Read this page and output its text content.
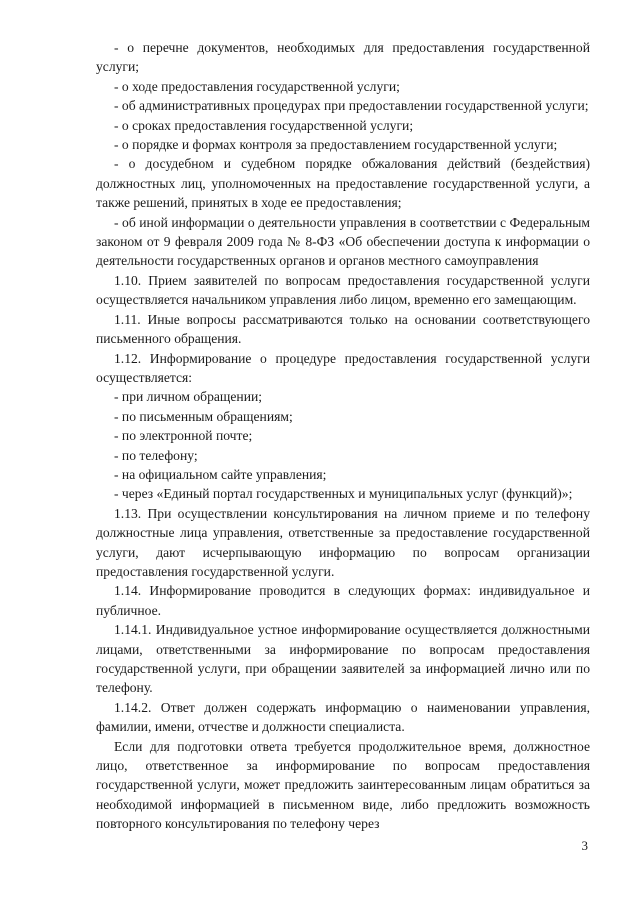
- о перечне документов, необходимых для предоставления государственной услуги;

- о ходе предоставления государственной услуги;

- об административных процедурах при предоставлении государственной услуги;

- о сроках предоставления государственной услуги;

- о порядке и формах контроля за предоставлением государственной услуги;

- о досудебном и судебном порядке обжалования действий (бездействия) должностных лиц, уполномоченных на предоставление государственной услуги, а также решений, принятых в ходе ее предоставления;

- об иной информации о деятельности управления в соответствии с Федеральным законом от 9 февраля 2009 года № 8-ФЗ «Об обеспечении доступа к информации о деятельности государственных органов и органов местного самоуправления

1.10. Прием заявителей по вопросам предоставления государственной услуги осуществляется начальником управления либо лицом, временно его замещающим.

1.11. Иные вопросы рассматриваются только на основании соответствующего письменного обращения.

1.12. Информирование о процедуре предоставления государственной услуги осуществляется:

- при личном обращении;

- по письменным обращениям;

- по электронной почте;

- по телефону;

- на официальном сайте управления;

- через «Единый портал государственных и муниципальных услуг (функций)»;

1.13. При осуществлении консультирования на личном приеме и по телефону должностные лица управления, ответственные за предоставление государственной услуги, дают исчерпывающую информацию по вопросам организации предоставления государственной услуги.

1.14. Информирование проводится в следующих формах: индивидуальное и публичное.

1.14.1. Индивидуальное устное информирование осуществляется должностными лицами, ответственными за информирование по вопросам предоставления государственной услуги, при обращении заявителей за информацией лично или по телефону.

1.14.2. Ответ должен содержать информацию о наименовании управления, фамилии, имени, отчестве и должности специалиста.

Если для подготовки ответа требуется продолжительное время, должностное лицо, ответственное за информирование по вопросам предоставления государственной услуги, может предложить заинтересованным лицам обратиться за необходимой информацией в письменном виде, либо предложить возможность повторного консультирования по телефону через

3
